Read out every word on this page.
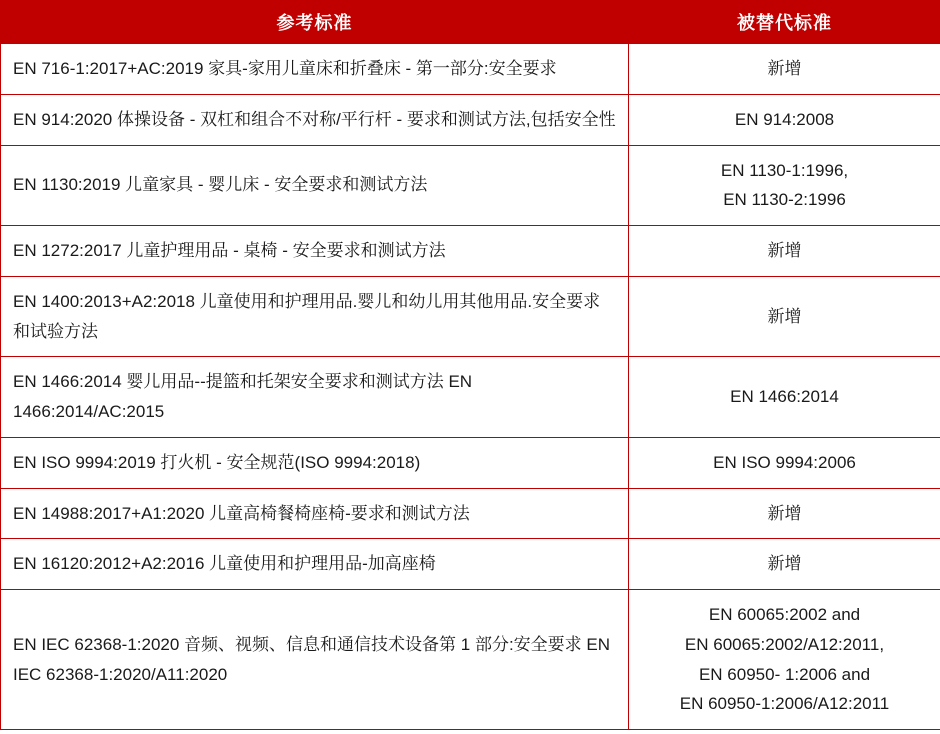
参考标准	被替代标准
EN 716-1:2017+AC:2019 家具-家用儿童床和折叠床 - 第一部分:安全要求	新增

EN 914:2020 体操设备 - 双杠和组合不对称/平行杆 - 要求和测试方法,包括安全性	EN 914:2008

EN 1130:2019 儿童家具 - 婴儿床 - 安全要求和测试方法	EN 1130-1:1996,
EN 1130-2:1996

EN 1272:2017 儿童护理用品 - 桌椅 - 安全要求和测试方法	新增

EN 1400:2013+A2:2018 儿童使用和护理用品.婴儿和幼儿用其他用品.安全要求和试验方法	新增

EN 1466:2014 婴儿用品--提篮和托架安全要求和测试方法 EN 1466:2014/AC:2015	EN 1466:2014

EN ISO 9994:2019 打火机 - 安全规范(ISO 9994:2018)	EN ISO 9994:2006

EN 14988:2017+A1:2020 儿童高椅餐椅座椅-要求和测试方法	新增

EN 16120:2012+A2:2016 儿童使用和护理用品-加高座椅	新增

EN IEC 62368-1:2020 音频、视频、信息和通信技术设备第 1 部分:安全要求 EN IEC 62368-1:2020/A11:2020	EN 60065:2002 and
EN 60065:2002/A12:2011,
EN 60950- 1:2006 and
EN 60950-1:2006/A12:2011
